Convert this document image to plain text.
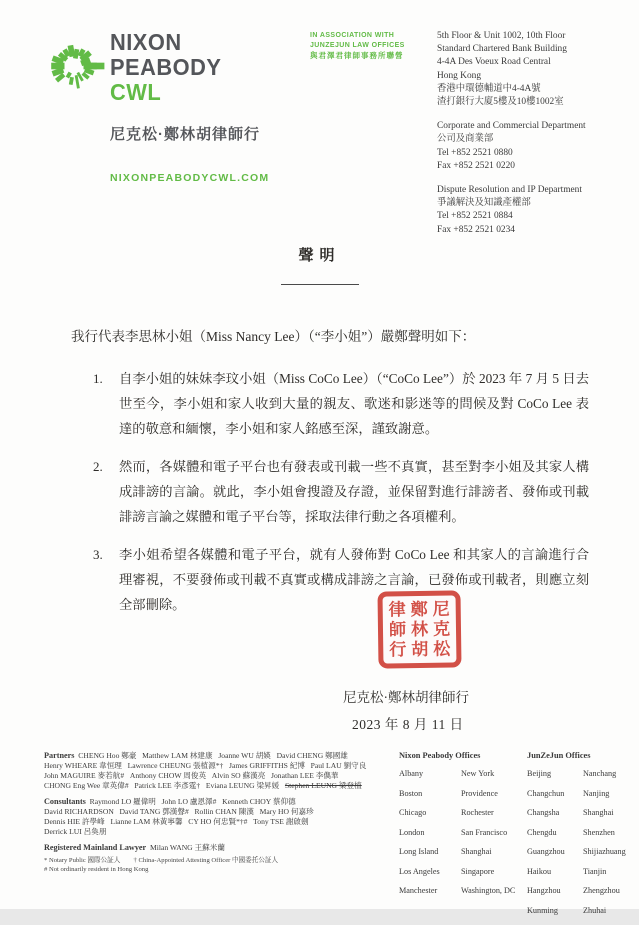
NIXON
PEABODY
CWL
尼克松·鄭林胡律師行
NIXONPEABODYCWL.COM
IN ASSOCIATION WITH
JUNZEJUN LAW OFFICES
與君澤君律師事務所聯營
5th Floor & Unit 1002, 10th Floor
Standard Chartered Bank Building
4-4A Des Voeux Road Central
Hong Kong
香港中環德輔道中4-4A號
渣打銀行大廈5樓及10樓1002室
Corporate and Commercial Department
公司及商業部
Tel +852 2521 0880
Fax +852 2521 0220
Dispute Resolution and IP Department
爭議解決及知識產權部
Tel +852 2521 0884
Fax +852 2521 0234
聲明
我行代表李思林小姐（Miss Nancy Lee）（“李小姐”）嚴鄭聲明如下：
1.	自李小姐的妹妹李玟小姐（Miss CoCo Lee）（“CoCo Lee”）於 2023 年 7 月 5 日去世至今，李小姐和家人收到大量的親友、歌迷和影迷等的問候及對 CoCo Lee 表達的敬意和緬懷，李小姐和家人銘感至深，謹致謝意。
2.	然而，各媒體和電子平台也有發表或刊載一些不真實，甚至對李小姐及其家人構成誹謗的言論。就此，李小姐會搜證及存證，並保留對進行誹謗者、發佈或刊載誹謗言論之媒體和電子平台等，採取法律行動之各項權利。
3.	李小姐希望各媒體和電子平台，就有人發佈對 CoCo Lee 和其家人的言論進行合理審視，不要發佈或刊載不真實或構成誹謗之言論，已發佈或刊載者，則應立刻全部刪除。	律 鄭 尼
師 林 克
行 胡 松
尼克松·鄭林胡律師行
2023 年 8 月 11 日
Partners  CHENG Hoo 鄭豪   Matthew LAM 林建康   Joanne WU 胡媖   David CHENG 鄭國雄
Henry WHEARE 韋恒理   Lawrence CHEUNG 張植源*†   James GRIFFITHS 紀博   Paul LAU 劉守良
John MAGUIRE 麥若航#   Anthony CHOW 周俊英   Alvin SO 蘇漢亮   Jonathan LEE 李儁華
CHONG Eng Wee 章英偉#   Patrick LEE 李彥霆†   Eviana LEUNG 梁昇媛   Stephen LEUNG 梁登植
Consultants  Raymond LO 羅偉明   John LO 盧恩澤#   Kenneth CHOY 蔡仰德
David RICHARDSON   David TANG 鄧漢聲#   Rollin CHAN 陳漢   Mary HO 何嘉珍
Dennis HIE 許學峰   Lianne LAM 林黃寧馨   CY HO 何忠賢*†#   Tony TSE 謝啟劍
Derrick LUI 呂奐朋
Registered Mainland Lawyer  Milan WANG 王蘇米蘭
* Notary Public 國際公証人        † China-Appointed Attesting Officer 中國委托公証人
# Not ordinarily resident in Hong Kong
Nixon Peabody Offices
Albany	New York
Boston	Providence
Chicago	Rochester
London	San Francisco
Long Island	Shanghai
Los Angeles	Singapore
Manchester	Washington, DC
JunZeJun Offices
Beijing	Nanchang
Changchun	Nanjing
Changsha	Shanghai
Chengdu	Shenzhen
Guangzhou	Shijiazhuang
Haikou	Tianjin
Hangzhou	Zhengzhou
Kunming	Zhuhai
